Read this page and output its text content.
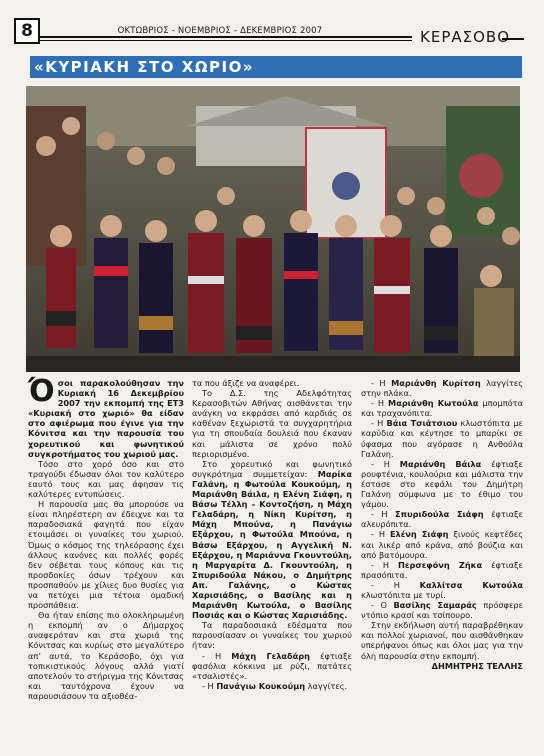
8	ΟΚΤΩΒΡΙΟΣ - ΝΟΕΜΒΡΙΟΣ - ΔΕΚΕΜΒΡΙΟΣ 2007	ΚΕΡΑΣΟΒΟ
«ΚΥΡΙΑΚΗ ΣΤΟ ΧΩΡΙΟ»

Όσοι παρακολούθησαν την Κυριακή 16 Δεκεμβρίου 2007 την εκπομπή της ΕΤ3 «Κυριακή στο χωριό» θα είδαν στο αφιέρωμα που έγινε για την Κόνιτσα και την παρουσία του χορευτικού και φωνητικού συγκροτήματος του χωριού μας.

Τόσο στο χορό όσο και στο τραγούδι έδωσαν όλοι τον καλύτερο εαυτό τους και μας άφησαν τις καλύτερες εντυπώσεις.

Η παρουσία μας θα μπορούσε να είναι πληρέστερη αν έδειχνε και τα παραδοσιακά φαγητά που είχαν ετοιμάσει οι γυναίκες του χωριού. Όμως ο κόσμος της τηλεόρασης έχει άλλους κανόνες και πολλές φορές δεν σέβεται τους κόπους και τις προσδοκίες όσων τρέχουν και προσπαθούν με χίλιες δυο θυσίες για να πετύχει μια τέτοια ομαδική προσπάθεια.

Θα ήταν επίσης πιο ολοκληρωμένη η εκπομπή αν ο Δήμαρχος αναφερόταν και στα χωριά της Κόνιτσας και κυρίως στο μεγαλύτερο απ’ αυτά, το Κεράσοβο, όχι για τοπικιστικούς λόγους αλλά γιατί αποτελούν το στήριγμα της Κόνιτσας και ταυτόχρονα έχουν να παρουσιάσουν τα αξιοθέα-

τα που άξιζε να αναφέρει.

Το Δ.Σ. της Αδελφότητας Κερασοβιτών Αθήνας αισθάνεται την ανάγκη να εκφράσει από καρδιάς σε καθέναν ξεχωριστά τα συγχαρητήρια για τη σπουδαία δουλειά που έκαναν και μάλιστα σε χρόνο πολύ περιορισμένο.

Στο χορευτικό και φωνητικό συγκρότημα συμμετείχαν: Μαρίκα Γαλάνη, η Φωτούλα Κουκούμη, η Μαριάνθη Βάιλα, η Ελένη Σιάφη, η Βάσω Τέλλη – Κοντοζήση, η Μάχη Γελαδάρη, η Νίκη Κυρίτση, η Μάχη Μπούνα, η Πανάγιω Εξάρχου, η Φωτούλα Μπούνα, η Βάσω Εξάρχου, η Αγγελική Ν. Εξάρχου, η Μαριάννα Γκουντούλη, η Μαργαρίτα Δ. Γκουντούλη, η Σπυριδούλα Νάκου, ο Δημήτρης Απ. Γαλάνης, ο Κώστας Χαρισιάδης, ο Βασίλης και η Μαριάνθη Κωτούλα, ο Βασίλης Ποσιάς και ο Κώστας Χαρισιάδης.

Τα παραδοσιακά εδέσματα που παρουσίασαν οι γυναίκες του χωριού ήταν:

- Η Μάχη Γελαδάρη έφτιαξε φασόλια κόκκινα με ρύζι, πατάτες «τσαλιστές».

- Η Πανάγιω Κουκούμη λαγγίτες.

- Η Μαριάνθη Κυρίτση λαγγίτες στην πλάκα.

- Η Μαριάνθη Κωτούλα μπομπότα και τραχανόπιτα.

- Η Βάια Τσιάτσιου κλωστόπιτα με καρύδια και κέντησε το μπαρίκι σε ύφασμα που αγόρασε η Ανθούλα Γαλάνη.

- Η Μαριάνθη Βάιλα έφτιαξε ρουφτένια, κουλούρια και μάλιστα την έστασε στο κεφάλι του Δημήτρη Γαλάνη σύμφωνα με το έθιμο του γάμου.

- Η Σπυριδούλα Σιάφη έφτιαξε αλευρόπιτα.

- Η Ελένη Σιάφη ξινούς κεφτέδες και λικέρ από κράνα, από βούζια και από βατόμουρα.

- Η Περσεφόνη Ζήκα έφτιαξε πρασόπιτα.

- Η Καλλίτσα Κωτούλα κλωστόπιτα με τυρί.

- Ο Βασίλης Σαμαράς πρόσφερε ντόπιο κρασί και τσίπουρο.

Στην εκδήλωση αυτή παραβρέθηκαν και πολλοί χωριανοί, που αισθάνθηκαν υπερήφανοι όπως και όλοι μας για την όλη παρουσία στην εκπομπή.

ΔΗΜΗΤΡΗΣ ΤΕΛΛΗΣ
